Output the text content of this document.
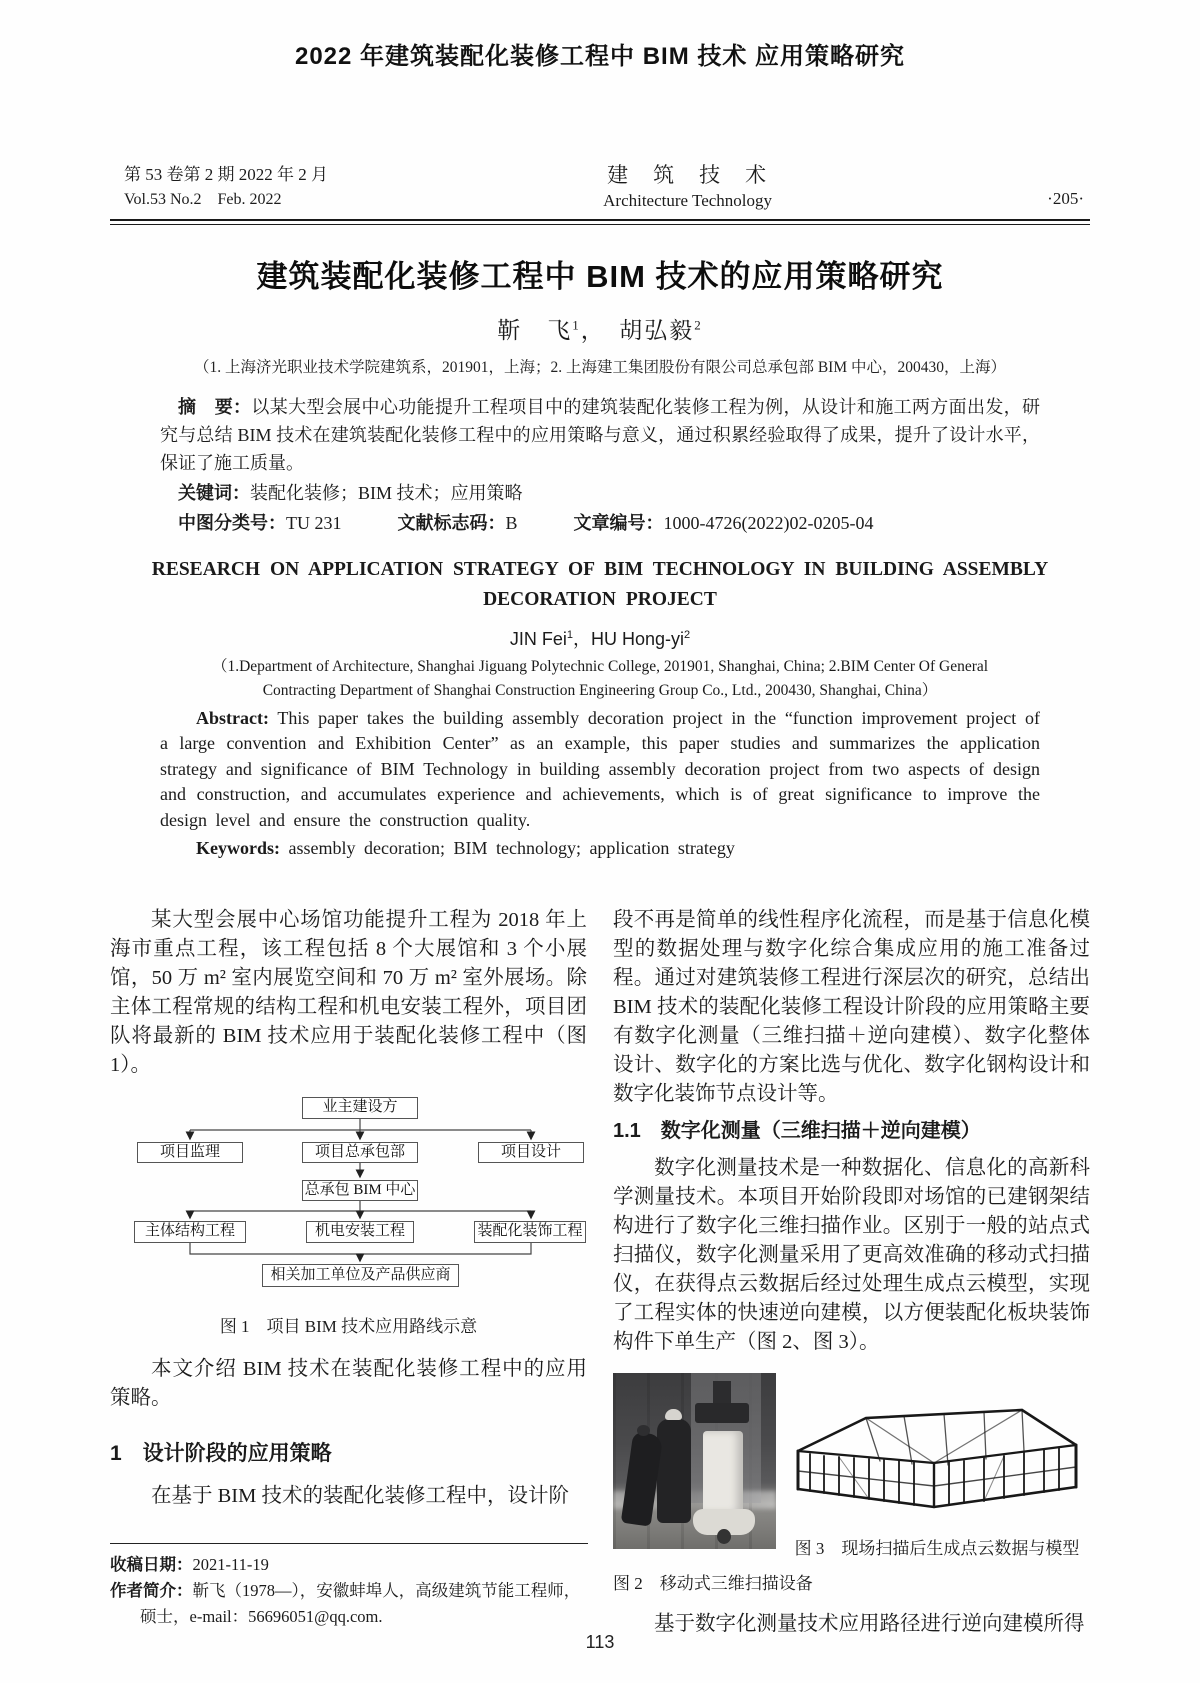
2022 年建筑装配化装修工程中 BIM 技术 应用策略研究
第 53 卷第 2 期 2022 年 2 月
Vol.53 No.2　Feb. 2022
建　筑　技　术
Architecture Technology	·205·
建筑装配化装修工程中 BIM 技术的应用策略研究
靳　飞$^1$，　胡弘毅$^2$
（1. 上海济光职业技术学院建筑系，201901，上海；2. 上海建工集团股份有限公司总承包部 BIM 中心，200430，上海）

摘　要：以某大型会展中心功能提升工程项目中的建筑装配化装修工程为例，从设计和施工两方面出发，研究与总结 BIM 技术在建筑装配化装修工程中的应用策略与意义，通过积累经验取得了成果，提升了设计水平，保证了施工质量。

关键词：装配化装修；BIM 技术；应用策略

中图分类号：TU 231	文献标志码：B	文章编号：1000-4726(2022)02-0205-04

RESEARCH ON APPLICATION STRATEGY OF BIM TECHNOLOGY IN BUILDING ASSEMBLY
DECORATION PROJECT
JIN Fei$^1$，HU Hong-$yi^2$
（1.Department of Architecture, Shanghai Jiguang Polytechnic College, 201901, Shanghai, China; 2.BIM Center Of General Contracting Department of Shanghai Construction Engineering Group Co., Ltd., 200430, Shanghai, China）

Abstract: This paper takes the building assembly decoration project in the “function improvement project of a large convention and Exhibition Center” as an example, this paper studies and summarizes the application strategy and significance of BIM Technology in building assembly decoration project from two aspects of design and construction, and accumulates experience and achievements, which is of great significance to improve the design level and ensure the construction quality.

Keywords: assembly decoration; BIM technology; application strategy

某大型会展中心场馆功能提升工程为 2018 年上海市重点工程，该工程包括 8 个大展馆和 3 个小展馆，50 万 m² 室内展览空间和 70 万 m² 室外展场。除主体工程常规的结构工程和机电安装工程外，项目团队将最新的 BIM 技术应用于装配化装修工程中（图 1）。

业主建设方
项目监理	项目总承包部	项目设计
总承包 BIM 中心
主体结构工程	机电安装工程	装配化装饰工程
相关加工单位及产品供应商

图 1　项目 BIM 技术应用路线示意

本文介绍 BIM 技术在装配化装修工程中的应用策略。

1　设计阶段的应用策略

在基于 BIM 技术的装配化装修工程中，设计阶

收稿日期：2021-11-19
作者简介：靳飞（1978—），安徽蚌埠人，高级建筑节能工程师，
硕士，e-mail：56696051@qq.com.

段不再是简单的线性程序化流程，而是基于信息化模型的数据处理与数字化综合集成应用的施工准备过程。通过对建筑装修工程进行深层次的研究，总结出 BIM 技术的装配化装修工程设计阶段的应用策略主要有数字化测量（三维扫描＋逆向建模）、数字化整体设计、数字化的方案比选与优化、数字化钢构设计和数字化装饰节点设计等。

1.1　数字化测量（三维扫描＋逆向建模）

数字化测量技术是一种数据化、信息化的高新科学测量技术。本项目开始阶段即对场馆的已建钢架结构进行了数字化三维扫描作业。区别于一般的站点式扫描仪，数字化测量采用了更高效准确的移动式扫描仪，在获得点云数据后经过处理生成点云模型，实现了工程实体的快速逆向建模，以方便装配化板块装饰构件下单生产（图 2、图 3）。

图 3　现场扫描后生成点云数据与模型

图 2　移动式三维扫描设备

基于数字化测量技术应用路径进行逆向建模所得

113
